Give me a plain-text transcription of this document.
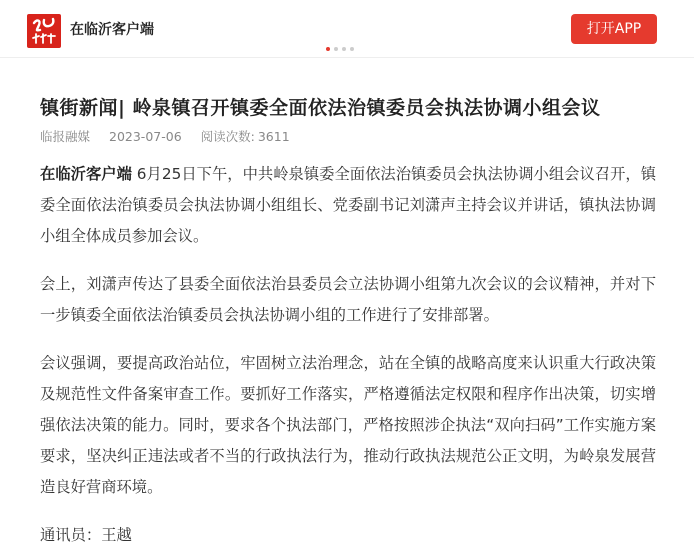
在临沂客户端	打开APP
镇街新闻| 岭泉镇召开镇委全面依法治镇委员会执法协调小组会议
临报融媒 2023-07-06 阅读次数: 3611

在临沂客户端 6月25日下午，中共岭泉镇委全面依法治镇委员会执法协调小组会议召开，镇委全面依法治镇委员会执法协调小组组长、党委副书记刘潇声主持会议并讲话，镇执法协调小组全体成员参加会议。

会上，刘潇声传达了县委全面依法治县委员会立法协调小组第九次会议的会议精神，并对下一步镇委全面依法治镇委员会执法协调小组的工作进行了安排部署。

会议强调，要提高政治站位，牢固树立法治理念，站在全镇的战略高度来认识重大行政决策及规范性文件备案审查工作。要抓好工作落实，严格遵循法定权限和程序作出决策，切实增强依法决策的能力。同时，要求各个执法部门，严格按照涉企执法“双向扫码”工作实施方案要求，坚决纠正违法或者不当的行政执法行为，推动行政执法规范公正文明，为岭泉发展营造良好营商环境。

通讯员：王越
